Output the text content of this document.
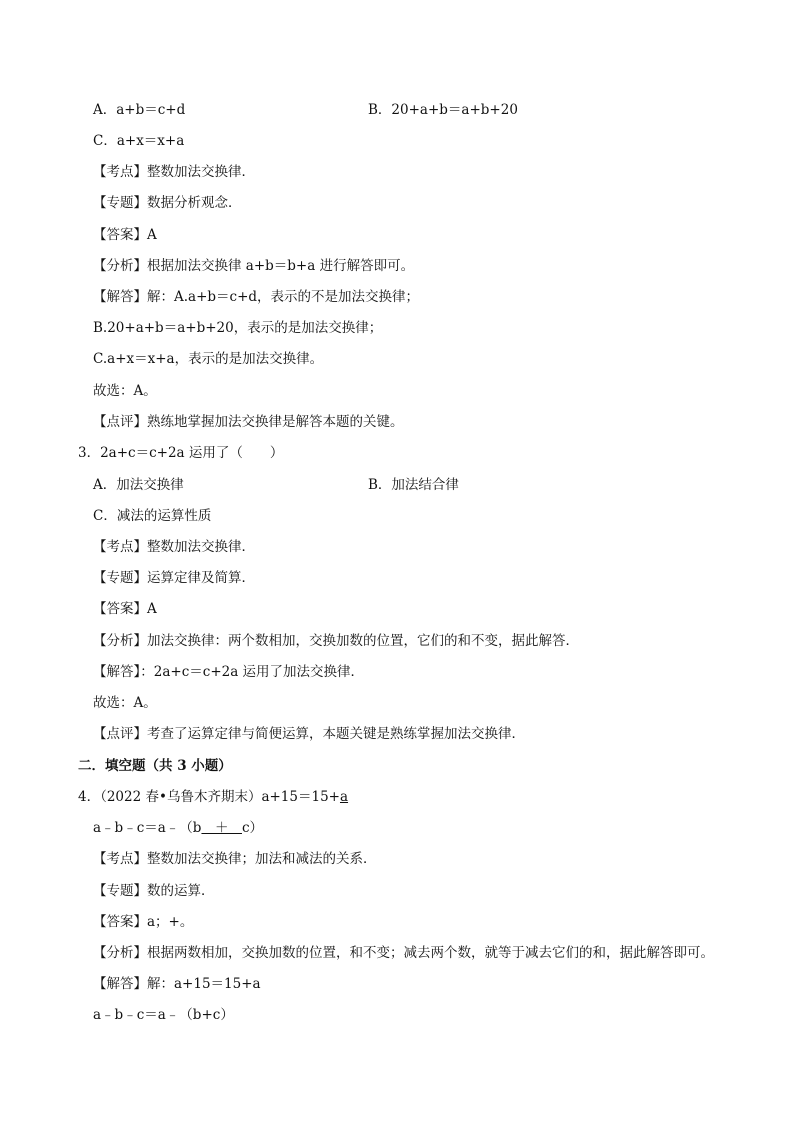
A．a+b＝c+d	B．20+a+b＝a+b+20
C．a+x＝x+a
【考点】整数加法交换律．
【专题】数据分析观念．
【答案】A
【分析】根据加法交换律 a+b＝b+a 进行解答即可。
【解答】解：A.a+b＝c+d，表示的不是加法交换律；
B.20+a+b＝a+b+20，表示的是加法交换律；
C.a+x＝x+a，表示的是加法交换律。
故选：A。
【点评】熟练地掌握加法交换律是解答本题的关键。
3．2a+c＝c+2a 运用了（　　）
A．加法交换律	B．加法结合律
C．减法的运算性质
【考点】整数加法交换律．
【专题】运算定律及简算．
【答案】A
【分析】加法交换律：两个数相加，交换加数的位置，它们的和不变，据此解答．
【解答】：2a+c＝c+2a 运用了加法交换律．
故选：A。
【点评】考查了运算定律与简便运算，本题关键是熟练掌握加法交换律．
二．填空题（共 3 小题）
4．（2022 春•乌鲁木齐期末）a+15＝15+a
a﹣b﹣c＝a﹣（b＿＋＿c）
【考点】整数加法交换律；加法和减法的关系．
【专题】数的运算．
【答案】a；+。
【分析】根据两数相加，交换加数的位置，和不变；减去两个数，就等于减去它们的和，据此解答即可。
【解答】解：a+15＝15+a
a﹣b﹣c＝a﹣（b+c）
